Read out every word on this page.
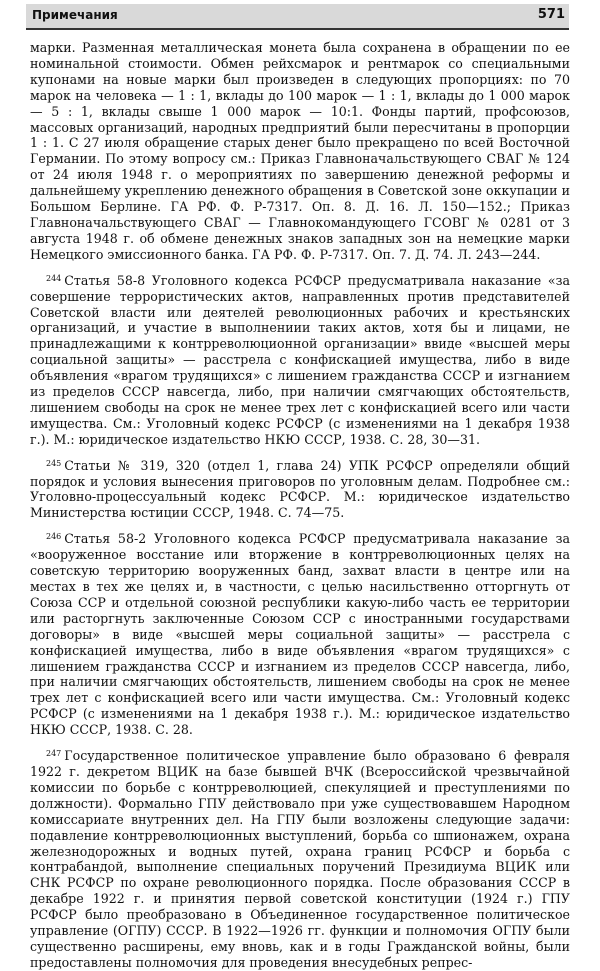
Примечания	571

марки. Разменная металлическая монета была сохранена в обращении по ее номинальной стоимости. Обмен рейхсмарок и рентмарок со специальными купонами на новые марки был произведен в следующих пропорциях: по 70 марок на человека — 1 : 1, вклады до 100 марок — 1 : 1, вклады до 1 000 марок — 5 : 1, вклады свыше 1 000 марок — 10:1. Фонды партий, профсоюзов, массовых организаций, народных предприятий были пересчитаны в пропорции 1 : 1. С 27 июля обращение старых денег было прекращено по всей Восточной Германии. По этому вопросу см.: Приказ Главноначальствующего СВАГ № 124 от 24 июля 1948 г. о мероприятиях по завершению денежной реформы и дальнейшему укреплению денежного обращения в Советской зоне оккупации и Большом Берлине. ГА РФ. Ф. Р-7317. Оп. 8. Д. 16. Л. 150—152.; Приказ Главноначальствующего СВАГ — Главнокомандующего ГСОВГ № 0281 от 3 августа 1948 г. об обмене денежных знаков западных зон на немецкие марки Немецкого эмиссионного банка. ГА РФ. Ф. Р-7317. Оп. 7. Д. 74. Л. 243—244.

$^{244}$ Статья 58-8 Уголовного кодекса РСФСР предусматривала наказание «за совершение террористических актов, направленных против представителей Советской власти или деятелей революционных рабочих и крестьянских организаций, и участие в выполнениии таких актов, хотя бы и лицами, не принадлежащими к контрреволюционной организации» ввиде «высшей меры социальной защиты» — расстрела с конфискацией имущества, либо в виде объявления «врагом трудящихся» с лишением гражданства СССР и изгнанием из пределов СССР навсегда, либо, при наличии смягчающих обстоятельств, лишением свободы на срок не менее трех лет с конфискацией всего или части имущества. См.: Уголовный кодекс РСФСР (с изменениями на 1 декабря 1938 г.). М.: юридическое издательство НКЮ СССР, 1938. С. 28, 30—31.

$^{245}$ Статьи № 319, 320 (отдел 1, глава 24) УПК РСФСР определяли общий порядок и условия вынесения приговоров по уголовным делам. Подробнее см.: Уголовно-процессуальный кодекс РСФСР. М.: юридическое издательство Министерства юстиции СССР, 1948. С. 74—75.

$^{246}$ Статья 58-2 Уголовного кодекса РСФСР предусматривала наказание за «вооруженное восстание или вторжение в контрреволюционных целях на советскую территорию вооруженных банд, захват власти в центре или на местах в тех же целях и, в частности, с целью насильственно отторгнуть от Союза ССР и отдельной союзной республики какую-либо часть ее территории или расторгнуть заключенные Союзом ССР с иностранными государствами договоры» в виде «высшей меры социальной защиты» — расстрела с конфискацией имущества, либо в виде объявления «врагом трудящихся» с лишением гражданства СССР и изгнанием из пределов СССР навсегда, либо, при наличии смягчающих обстоятельств, лишением свободы на срок не менее трех лет с конфискацией всего или части имущества. См.: Уголовный кодекс РСФСР (с изменениями на 1 декабря 1938 г.). М.: юридическое издательство НКЮ СССР, 1938. С. 28.

$^{247}$ Государственное политическое управление было образовано 6 февраля 1922 г. декретом ВЦИК на базе бывшей ВЧК (Всероссийской чрезвычайной комиссии по борьбе с контрреволюцией, спекуляцией и преступлениями по должности). Формально ГПУ действовало при уже существовавшем Народном комиссариате внутренних дел. На ГПУ были возложены следующие задачи: подавление контрреволюционных выступлений, борьба со шпионажем, охрана железнодорожных и водных путей, охрана границ РСФСР и борьба с контрабандой, выполнение специальных поручений Президиума ВЦИК или СНК РСФСР по охране революционного порядка. После образования СССР в декабре 1922 г. и принятия первой советской конституции (1924 г.) ГПУ РСФСР было преобразовано в Объединенное государственное политическое управление (ОГПУ) СССР. В 1922—1926 гг. функции и полномочия ОГПУ были существенно расширены, ему вновь, как и в годы Гражданской войны, были предоставлены полномочия для проведения внесудебных репрес-
